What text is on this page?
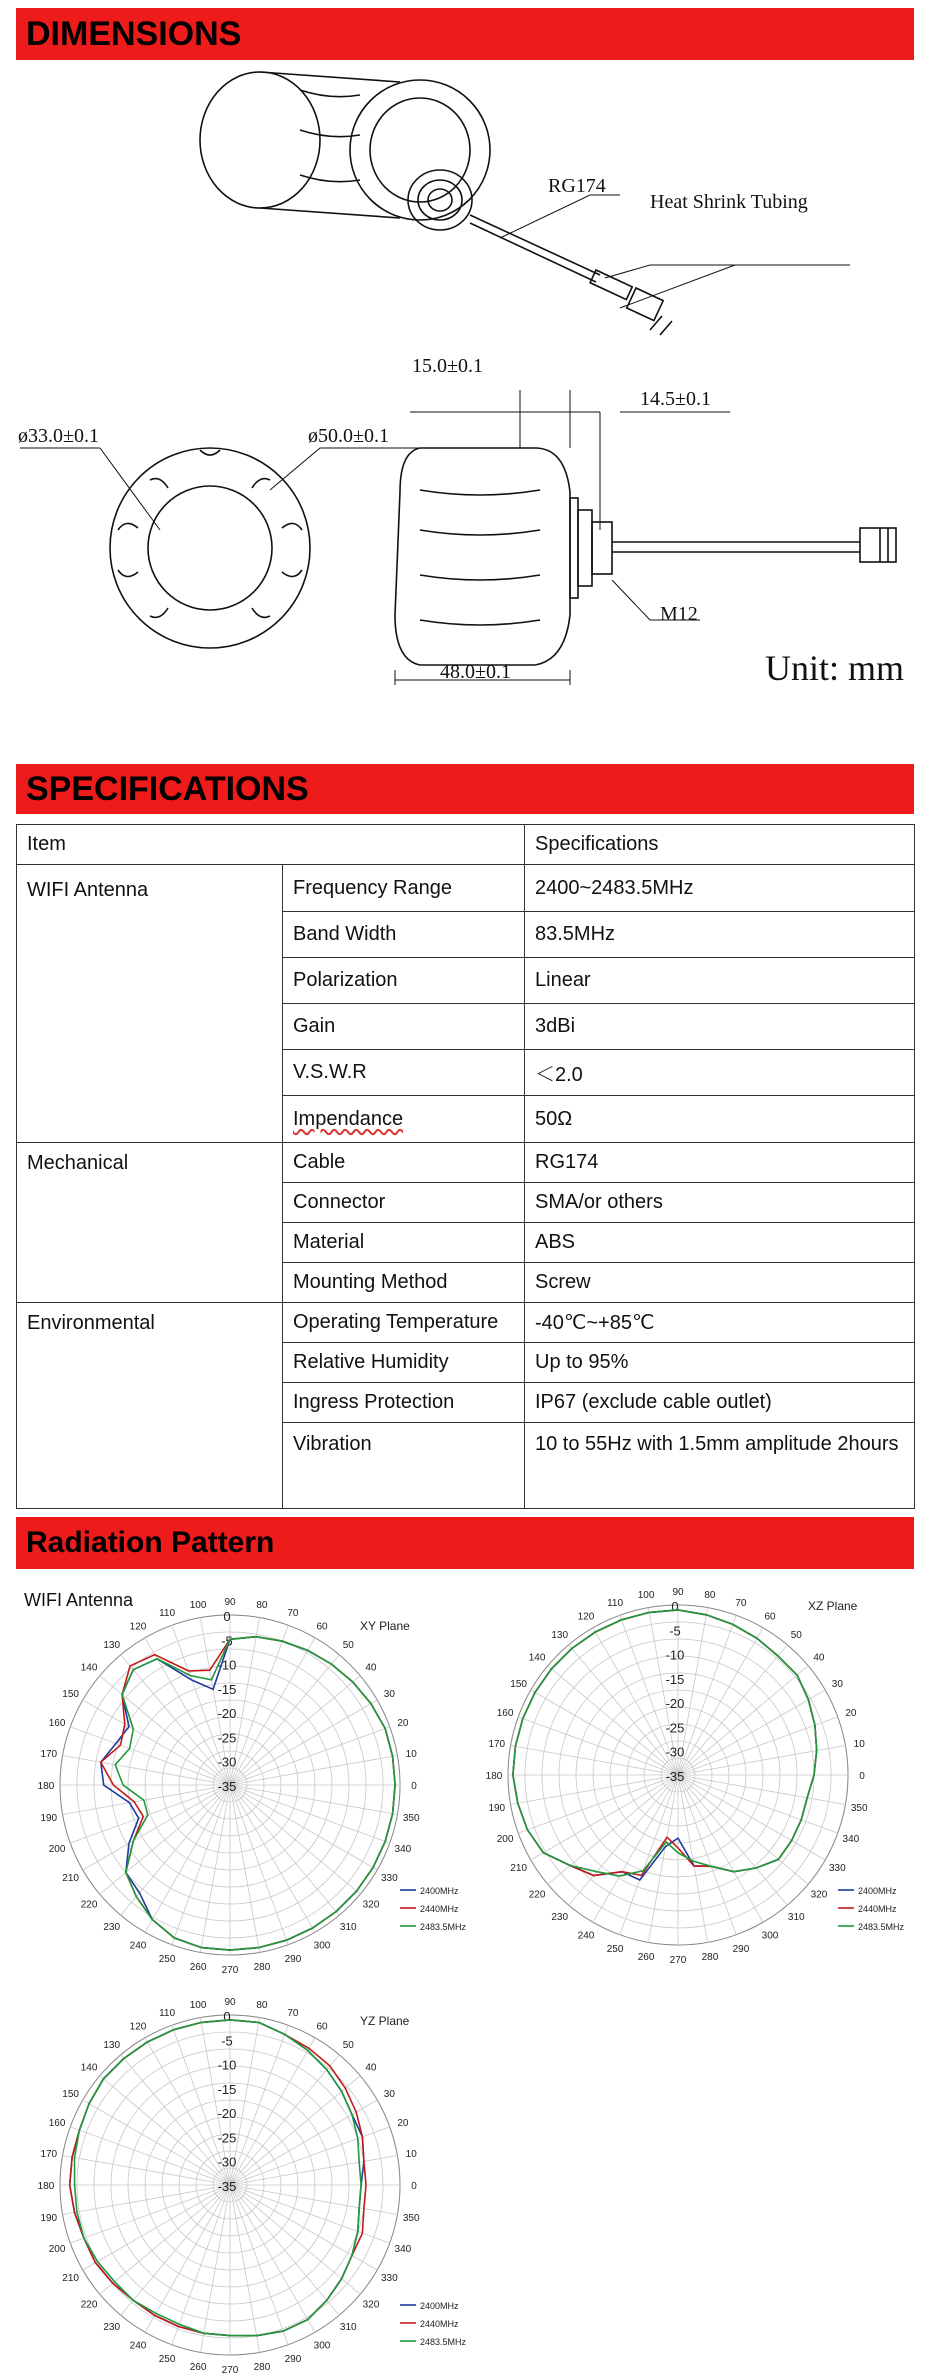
DIMENSIONS
RG174
Heat Shrink Tubing
ø33.0±0.1	ø50.0±0.1
15.0±0.1
14.5±0.1
M12
48.0±0.1	Unit: mm
SPECIFICATIONS
Item		Specifications
WIFI Antenna	Frequency Range	2400~2483.5MHz
	Band Width	83.5MHz
	Polarization	Linear
	Gain	3dBi
	V.S.W.R	＜2.0
	Impendance	50Ω
Mechanical	Cable	RG174
	Connector	SMA/or others
	Material	ABS
	Mounting Method	Screw
Environmental	Operating Temperature	-40℃~+85℃
	Relative Humidity	Up to 95%
	Ingress Protection	IP67 (exclude cable outlet)
	Vibration	10 to 55Hz with 1.5mm amplitude 2hours
Radiation Pattern
WIFI Antenna
0
10
20
30
40
50
60
70
80
90
100
110
120
130
140
150
160
170
180
190
200
210
220
230
240
250
260 270 280
290
300
310
320
330
340
350
0
-5
-10
-15
-20
-25
-30
-35
2400MHz
2440MHz
2483.5MHz
XY Plane
0
10
20
30
40
50
60
70
80
90
100
110
120
130
140
150
160
170
180
190
200
210
220
230
240
250
260 270 280
290
300
310
320
330
340
350
0
-5
-10
-15
-20
-25
-30
-35
2400MHz
2440MHz
2483.5MHz
XZ Plane
0
10
20
30
40
50
60
70
80
90
100
110
120
130
140
150
160
170
180
190
200
210
220
230
240
250
260 270 280
290
300
310
320
330
340
350
0
-5
-10
-15
-20
-25
-30
-35
2400MHz
2440MHz
2483.5MHz
YZ Plane
